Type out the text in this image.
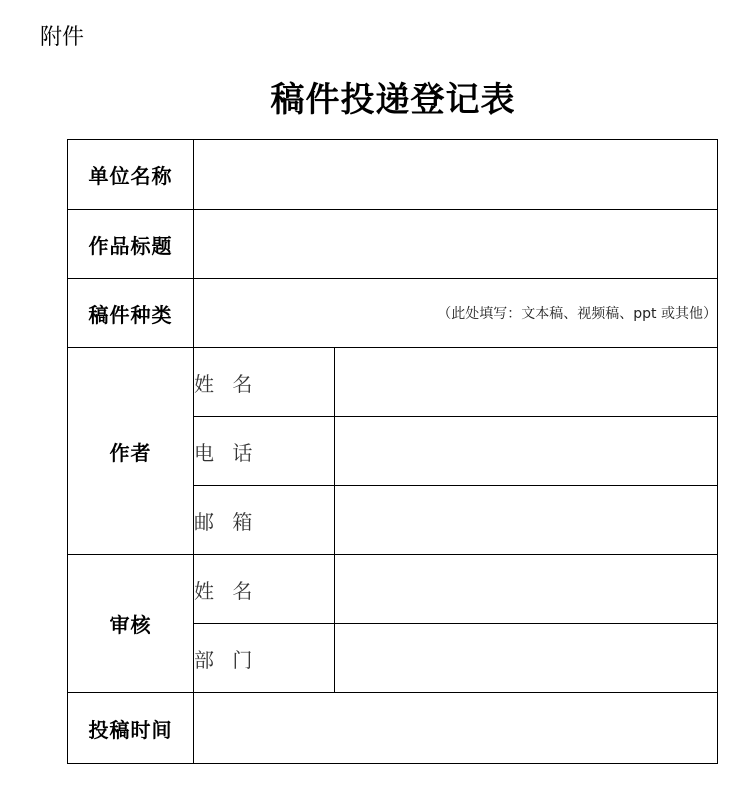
附件
稿件投递登记表
单位名称		
作品标题		
稿件种类	（此处填写：文本稿、视频稿、ppt 或其他）	
作者	姓 名	
	电 话	
	邮 箱	
审核	姓 名	
	部 门	
投稿时间		
